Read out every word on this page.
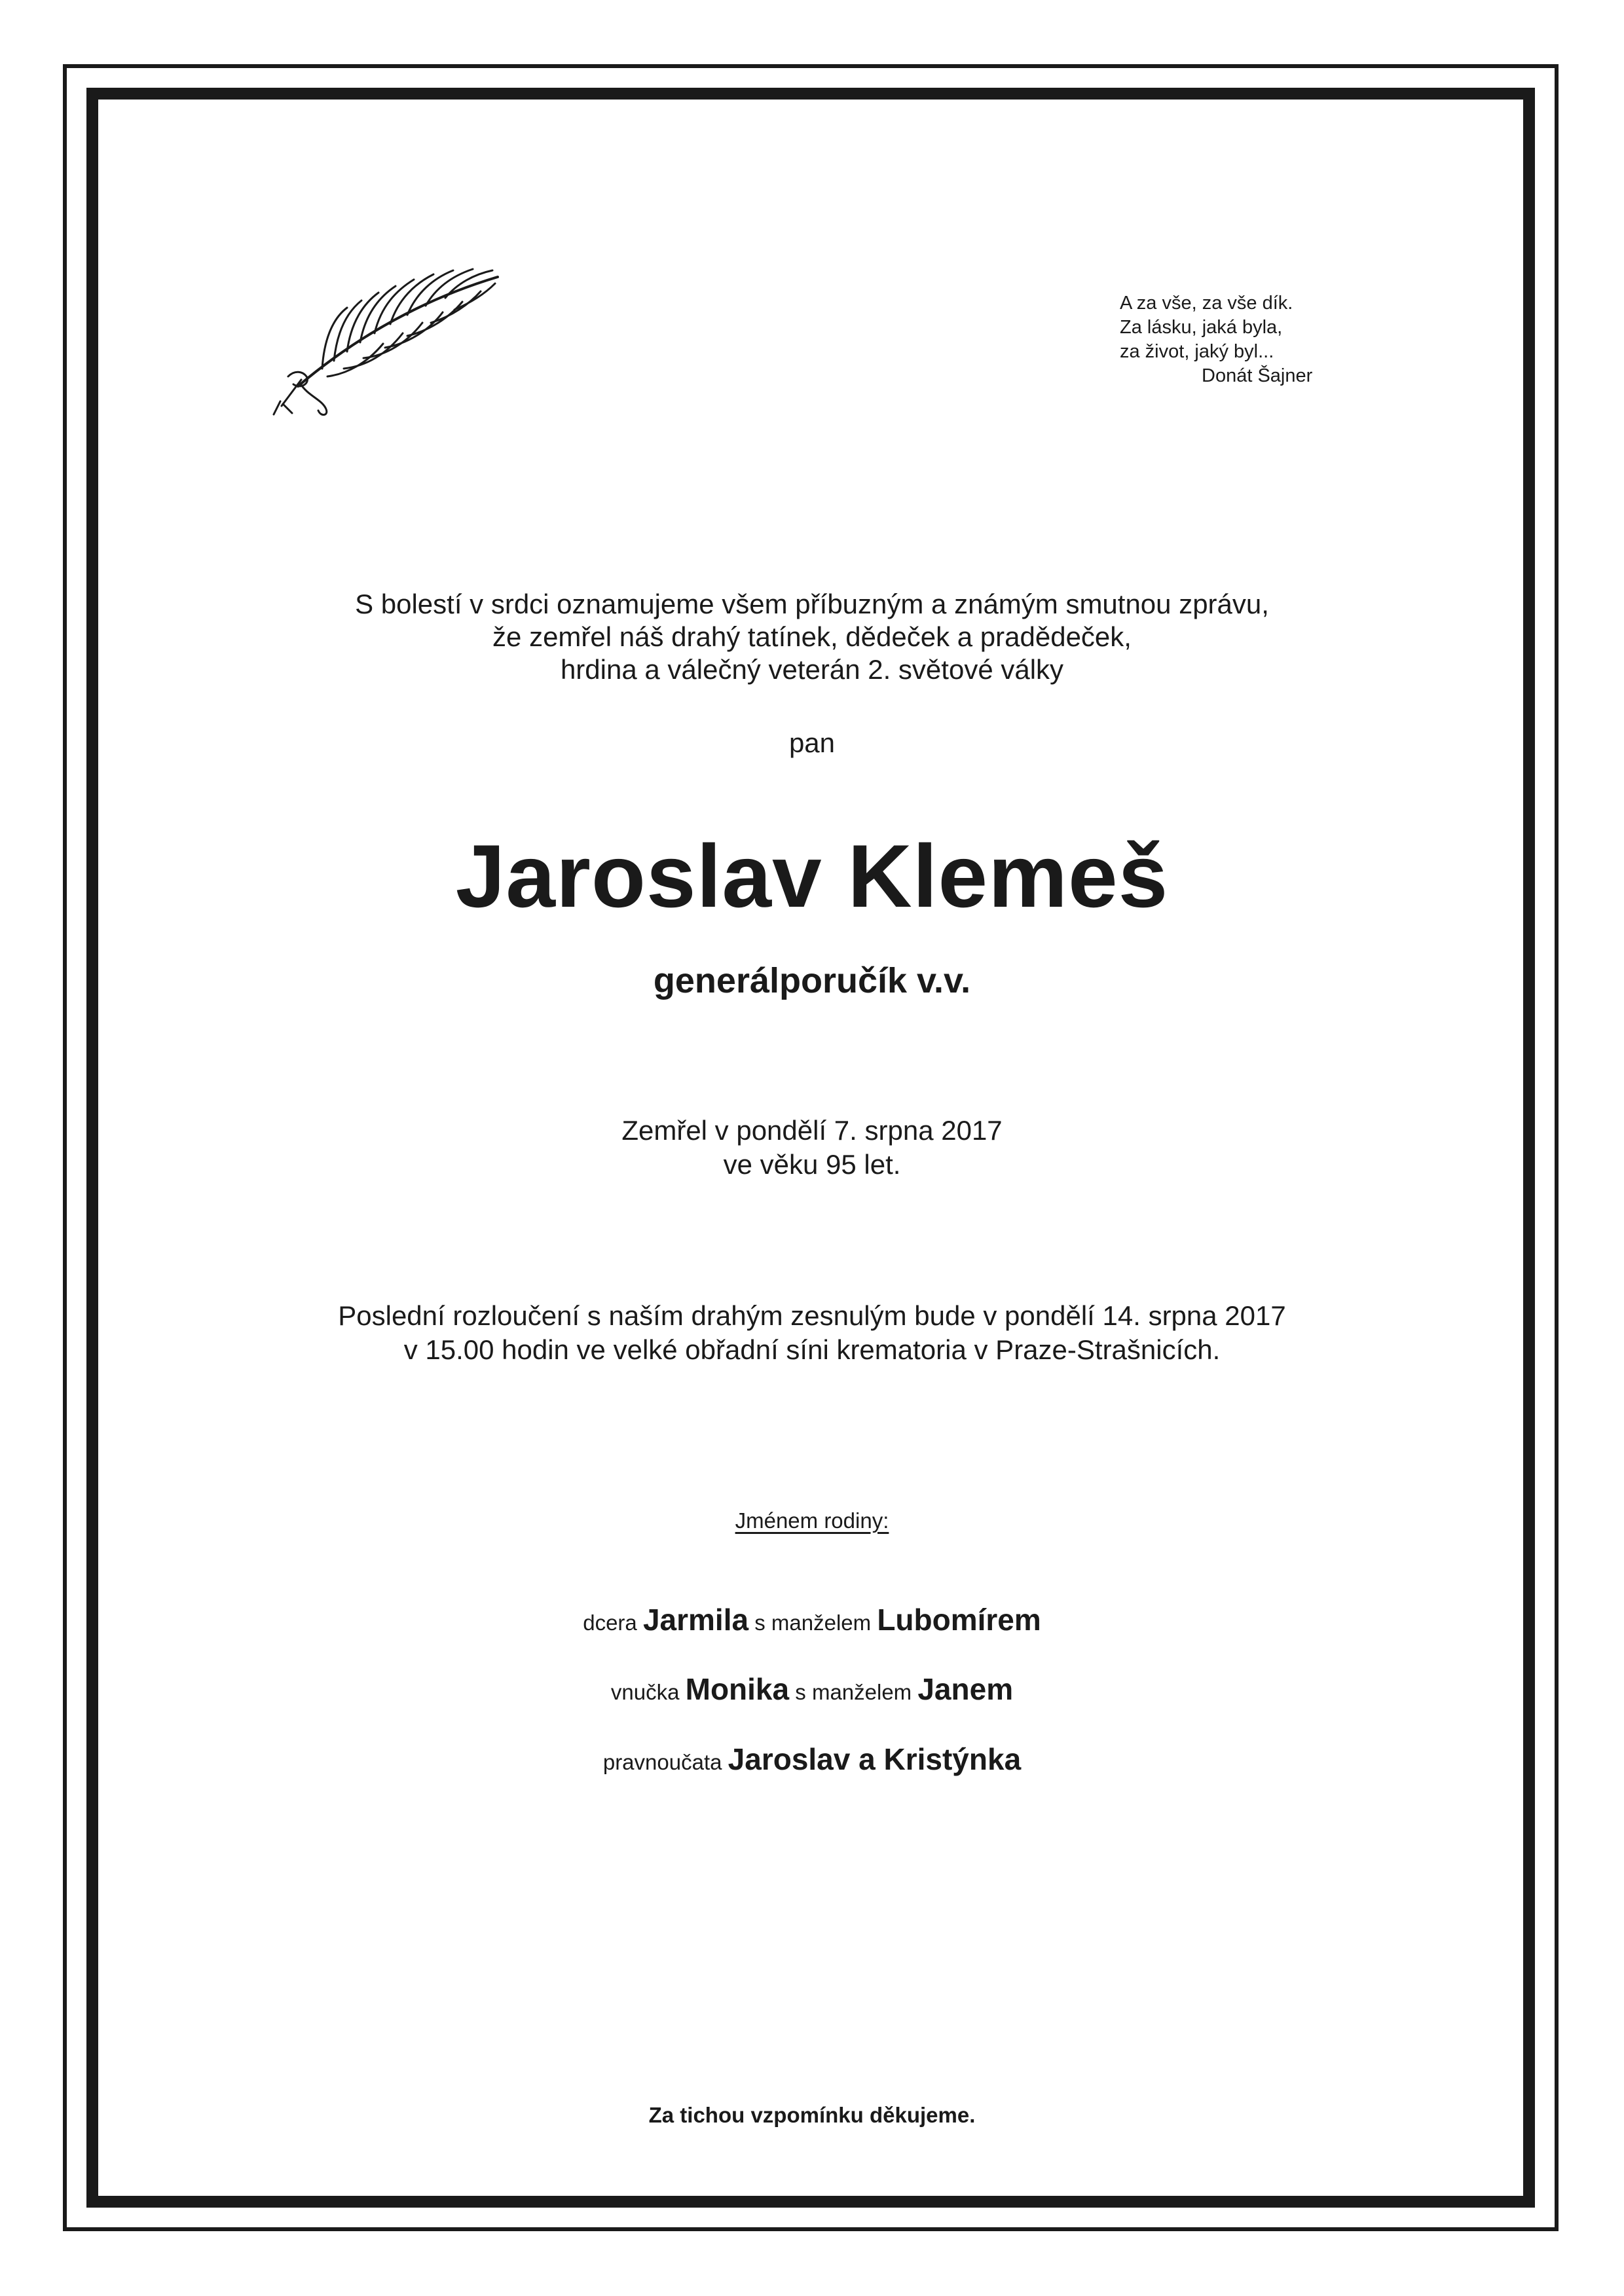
A za vše, za vše dík.
Za lásku, jaká byla,
za život, jaký byl...
Donát Šajner
S bolestí v srdci oznamujeme všem příbuzným a známým smutnou zprávu,
že zemřel náš drahý tatínek, dědeček a pradědeček,
hrdina a válečný veterán 2. světové války
pan
Jaroslav Klemeš
generálporučík v.v.
Zemřel v pondělí 7. srpna 2017
ve věku 95 let.
Poslední rozloučení s naším drahým zesnulým bude v pondělí 14. srpna 2017
v 15.00 hodin ve velké obřadní síni krematoria v Praze-Strašnicích.
Jménem rodiny:
dcera Jarmila s manželem Lubomírem
vnučka Monika s manželem Janem
pravnoučata Jaroslav a Kristýnka
Za tichou vzpomínku děkujeme.
